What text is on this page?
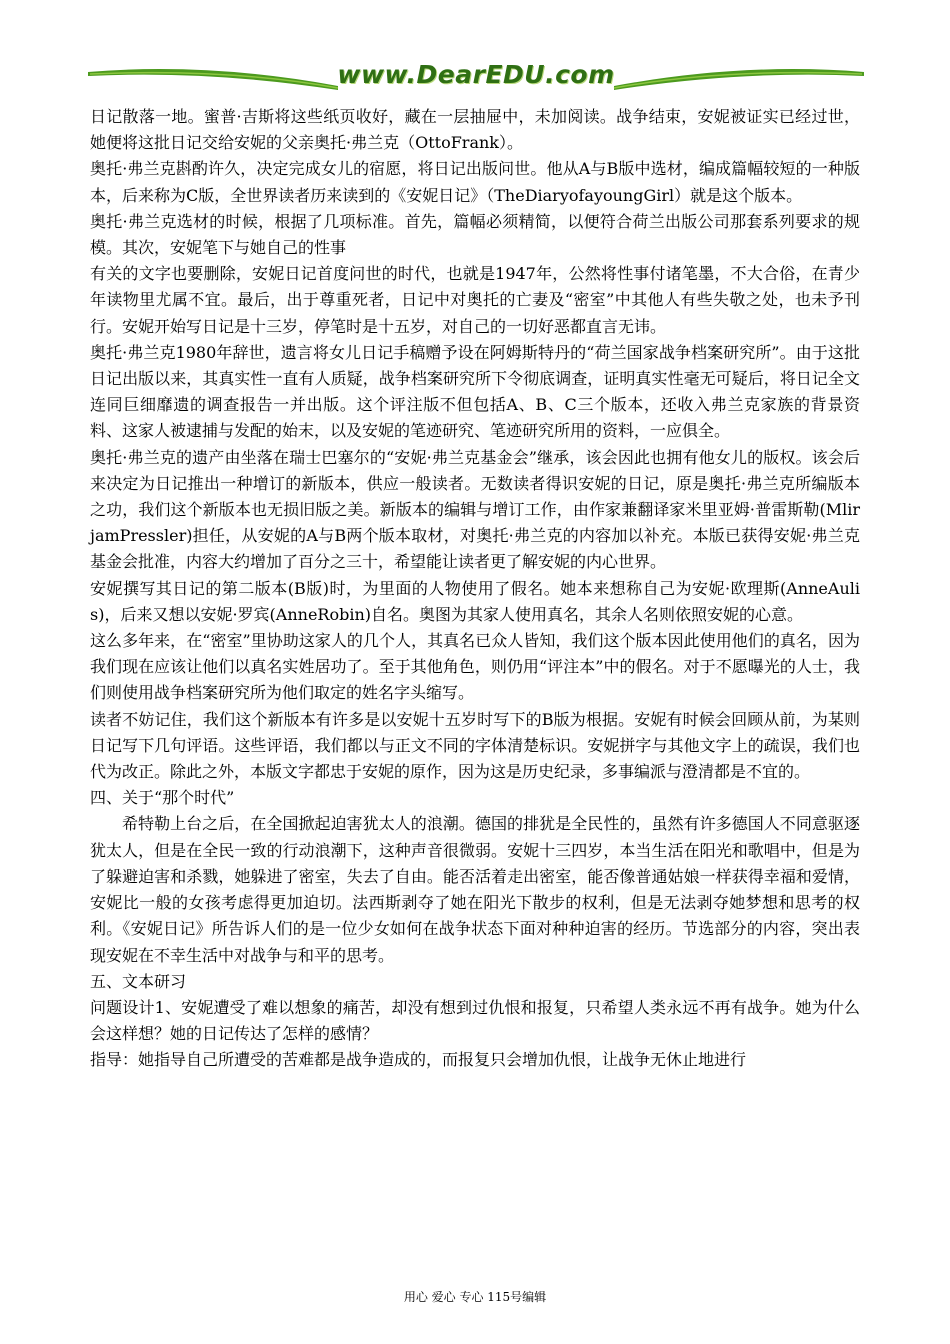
www.DearEDU.com

日记散落一地。蜜普·吉斯将这些纸页收好，藏在一层抽屉中，未加阅读。战争结束，安妮被证实已经过世，她便将这批日记交给安妮的父亲奥托·弗兰克（OttoFrank）。

奥托·弗兰克斟酌许久，决定完成女儿的宿愿，将日记出版问世。他从A与B版中选材，编成篇幅较短的一种版本，后来称为C版，全世界读者历来读到的《安妮日记》（TheDiaryofayoungGirl）就是这个版本。

奥托·弗兰克选材的时候，根据了几项标准。首先，篇幅必须精简，以便符合荷兰出版公司那套系列要求的规模。其次，安妮笔下与她自己的性事

有关的文字也要删除，安妮日记首度问世的时代，也就是1947年，公然将性事付诸笔墨，不大合俗，在青少年读物里尤属不宜。最后，出于尊重死者，日记中对奥托的亡妻及“密室”中其他人有些失敬之处，也未予刊行。安妮开始写日记是十三岁，停笔时是十五岁，对自己的一切好恶都直言无讳。

奥托·弗兰克1980年辞世，遗言将女儿日记手稿赠予设在阿姆斯特丹的“荷兰国家战争档案研究所”。由于这批日记出版以来，其真实性一直有人质疑，战争档案研究所下令彻底调查，证明真实性毫无可疑后，将日记全文连同巨细靡遗的调查报告一并出版。这个评注版不但包括A、B、C三个版本，还收入弗兰克家族的背景资料、这家人被逮捕与发配的始末，以及安妮的笔迹研究、笔迹研究所用的资料，一应俱全。

奥托·弗兰克的遗产由坐落在瑞士巴塞尔的“安妮·弗兰克基金会”继承，该会因此也拥有他女儿的版权。该会后来决定为日记推出一种增订的新版本，供应一般读者。无数读者得识安妮的日记，原是奥托·弗兰克所编版本之功，我们这个新版本也无损旧版之美。新版本的编辑与增订工作，由作家兼翻译家米里亚姆·普雷斯勒(MlirjamPressler)担任，从安妮的A与B两个版本取材，对奥托·弗兰克的内容加以补充。本版已获得安妮·弗兰克基金会批准，内容大约增加了百分之三十，希望能让读者更了解安妮的内心世界。

安妮撰写其日记的第二版本(B版)时，为里面的人物使用了假名。她本来想称自己为安妮·欧理斯(AnneAulis)，后来又想以安妮·罗宾(AnneRobin)自名。奥图为其家人使用真名，其余人名则依照安妮的心意。

这么多年来，在“密室”里协助这家人的几个人，其真名已众人皆知，我们这个版本因此使用他们的真名，因为我们现在应该让他们以真名实姓居功了。至于其他角色，则仍用“评注本”中的假名。对于不愿曝光的人士，我们则使用战争档案研究所为他们取定的姓名字头缩写。

读者不妨记住，我们这个新版本有许多是以安妮十五岁时写下的B版为根据。安妮有时候会回顾从前，为某则日记写下几句评语。这些评语，我们都以与正文不同的字体清楚标识。安妮拼字与其他文字上的疏误，我们也代为改正。除此之外，本版文字都忠于安妮的原作，因为这是历史纪录，多事编派与澄清都是不宜的。

四、关于“那个时代”

希特勒上台之后，在全国掀起迫害犹太人的浪潮。德国的排犹是全民性的，虽然有许多德国人不同意驱逐犹太人，但是在全民一致的行动浪潮下，这种声音很微弱。安妮十三四岁，本当生活在阳光和歌唱中，但是为了躲避迫害和杀戮，她躲进了密室，失去了自由。能否活着走出密室，能否像普通姑娘一样获得幸福和爱情，安妮比一般的女孩考虑得更加迫切。法西斯剥夺了她在阳光下散步的权利，但是无法剥夺她梦想和思考的权利。《安妮日记》所告诉人们的是一位少女如何在战争状态下面对种种迫害的经历。节选部分的内容，突出表现安妮在不幸生活中对战争与和平的思考。

五、文本研习

问题设计1、安妮遭受了难以想象的痛苦，却没有想到过仇恨和报复，只希望人类永远不再有战争。她为什么会这样想？她的日记传达了怎样的感情？

指导：她指导自己所遭受的苦难都是战争造成的，而报复只会增加仇恨，让战争无休止地进行

用心 爱心 专心 115号编辑
